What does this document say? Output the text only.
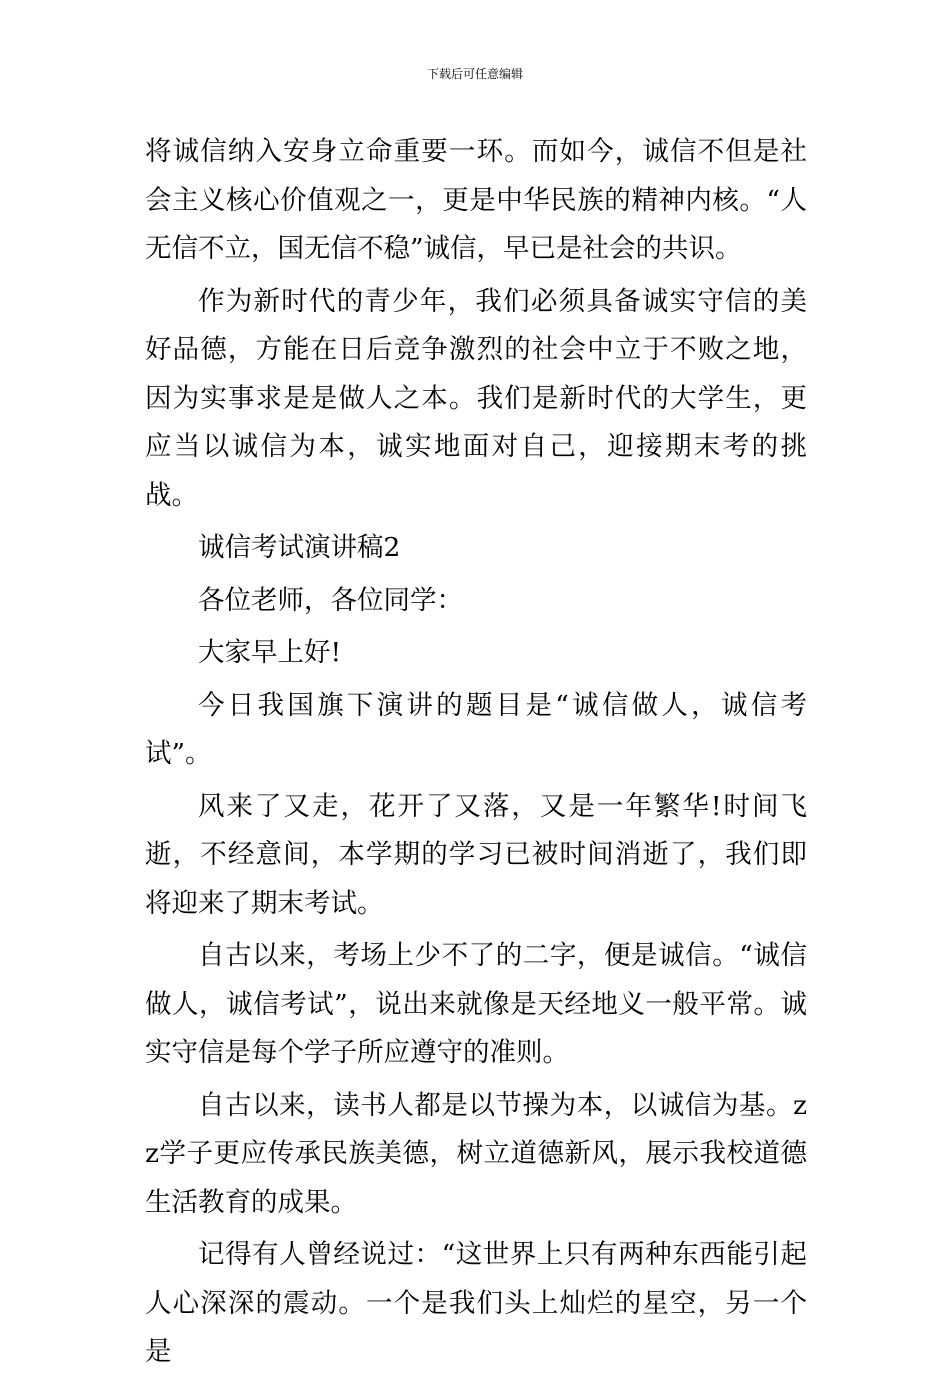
下载后可任意编辑

将诚信纳入安身立命重要一环。而如今，诚信不但是社会主义核心价值观之一，更是中华民族的精神内核。“人无信不立，国无信不稳”诚信，早已是社会的共识。

作为新时代的青少年，我们必须具备诚实守信的美好品德，方能在日后竞争激烈的社会中立于不败之地，因为实事求是是做人之本。我们是新时代的大学生，更应当以诚信为本，诚实地面对自己，迎接期末考的挑战。

诚信考试演讲稿2

各位老师，各位同学：

大家早上好!

今日我国旗下演讲的题目是“诚信做人，诚信考试”。

风来了又走，花开了又落，又是一年繁华!时间飞逝，不经意间，本学期的学习已被时间消逝了，我们即将迎来了期末考试。

自古以来，考场上少不了的二字，便是诚信。“诚信做人，诚信考试”，说出来就像是天经地义一般平常。诚实守信是每个学子所应遵守的准则。

自古以来，读书人都是以节操为本，以诚信为基。zz学子更应传承民族美德，树立道德新风，展示我校道德生活教育的成果。

记得有人曾经说过：“这世界上只有两种东西能引起人心深深的震动。一个是我们头上灿烂的星空，另一个是
